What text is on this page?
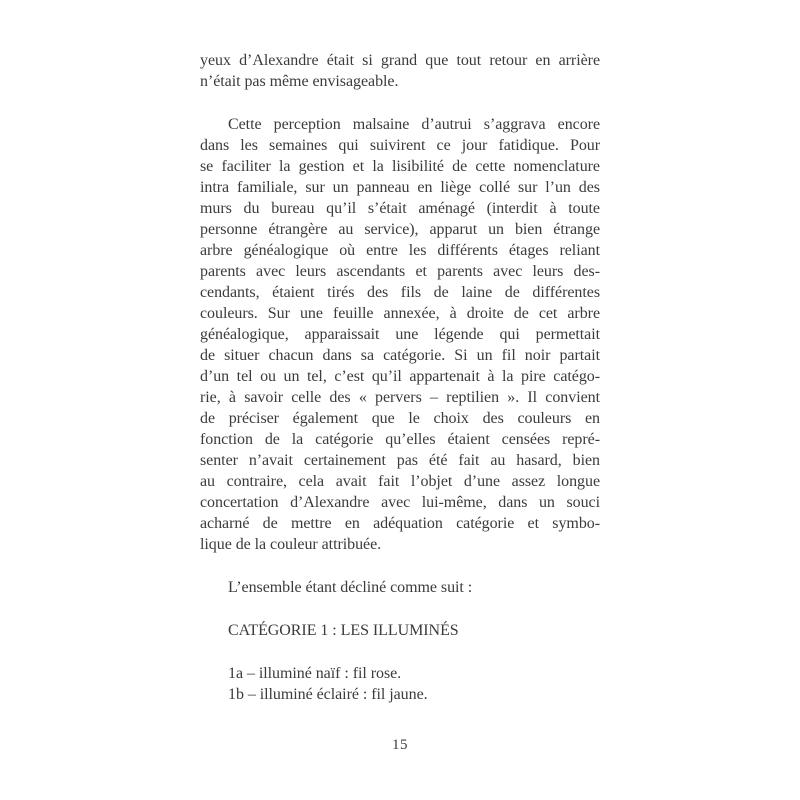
yeux d’Alexandre était si grand que tout retour en arrière
n’était pas même envisageable.
Cette perception malsaine d’autrui s’aggrava encore
dans les semaines qui suivirent ce jour fatidique. Pour
se faciliter la gestion et la lisibilité de cette nomenclature
intra familiale, sur un panneau en liège collé sur l’un des
murs du bureau qu’il s’était aménagé (interdit à toute
personne étrangère au service), apparut un bien étrange
arbre généalogique où entre les différents étages reliant
parents avec leurs ascendants et parents avec leurs des-
cendants, étaient tirés des fils de laine de différentes
couleurs. Sur une feuille annexée, à droite de cet arbre
généalogique, apparaissait une légende qui permettait
de situer chacun dans sa catégorie. Si un fil noir partait
d’un tel ou un tel, c’est qu’il appartenait à la pire catégo-
rie, à savoir celle des « pervers – reptilien ». Il convient
de préciser également que le choix des couleurs en
fonction de la catégorie qu’elles étaient censées repré-
senter n’avait certainement pas été fait au hasard, bien
au contraire, cela avait fait l’objet d’une assez longue
concertation d’Alexandre avec lui-même, dans un souci
acharné de mettre en adéquation catégorie et symbo-
lique de la couleur attribuée.
L’ensemble étant décliné comme suit :
CATÉGORIE 1 : LES ILLUMINÉS
1a – illuminé naïf : fil rose.
1b – illuminé éclairé : fil jaune.
15
